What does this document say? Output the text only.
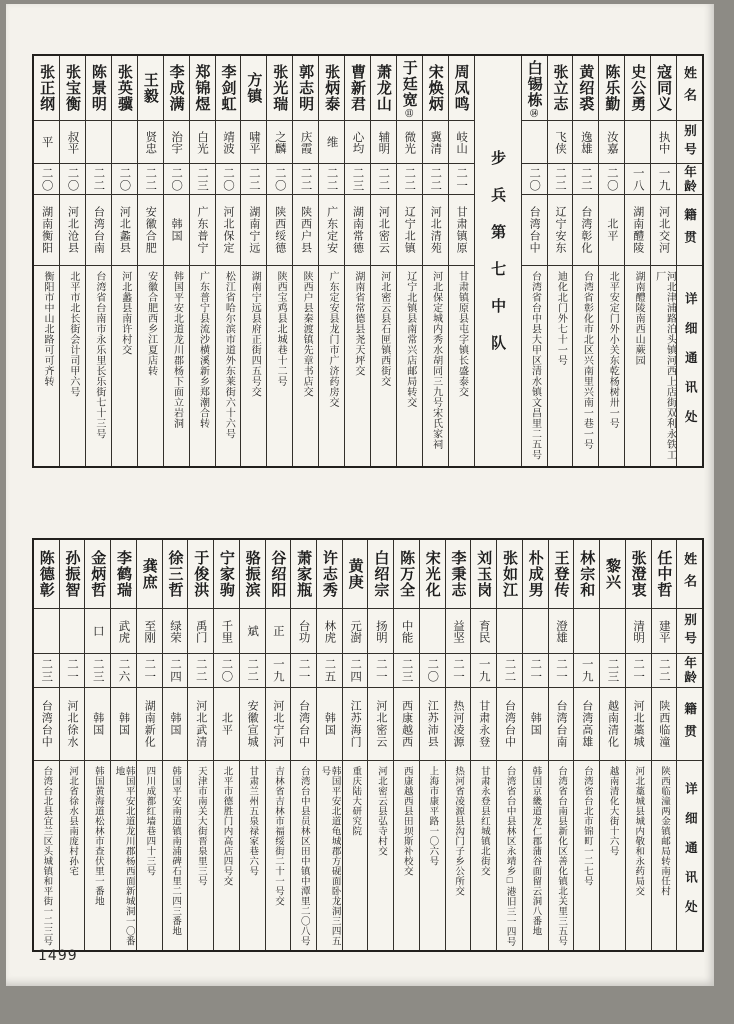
姓名
别号
年龄
籍贯
详细通讯处
寇同义
执中
一九
河北交河
河北津浦路泊头镇河西上店街双利永铁工厂
史公勇
一八
湖南醴陵
湖南醴陵南西山蕨园
陈乐勤
汝嘉
二〇
北平
北平安定门外小关东乾杨树卅一号
黄绍裘
逸雄
二二
台湾彰化
台湾省彰化市北区兴南里兴南一巷一号
张立志
飞侠
二二
辽宁安东
迪化北门外七十一号
白锡栋
⑭
二〇
台湾台中
台湾省台中县大甲区清水镇文昌里二五号
步兵第七中队
周凤鸣
岐山
二一
甘肃镇原
甘肃镇原县屯字镇长盛泰交
宋焕炳
冀清
二二
河北清苑
河北保定城内秀水胡同三九号宋氏家祠
于廷宽
⑪
微光
二二
辽宁北镇
辽宁北镇县南常兴店邮局转交
萧龙山
辅明
二二
河北密云
河北密云县石匣镇西街交
曹新君
心均
二三
湖南常德
湖南省常德县尧天坪交
张炳泰
维
二二
广东定安
广东定安县龙门市广济药房交
郭志明
庆霞
二二
陕西户县
陕西户县秦渡镇先章书店交
张光瑞
之麟
二〇
陕西绥德
陕西宝鸡县北城巷十二号
方镇
啸平
二二
湖南宁远
湖南宁远县府正街四五号交
李剑虹
靖波
二〇
河北保定
松江省哈尔滨市道外东莱街六十六号
郑锦煜
白光
二三
广东普宁
广东普宁县流沙横溪新乡郑潮合转
李成满
治宇
二〇
韩国
韩国平安北道龙川郡杨下面立岩洞
王毅
贤忠
二二
安徽合肥
安徽合肥西乡江夏店转
张英骥
二〇
河北蠡县
河北蠡县南许村交
陈景明
二二
台湾台南
台湾省台南市永乐里长乐街七十三号
张宝衡
叔平
二〇
河北沧县
北平市北长街会计司甲六号
张正纲
平
二〇
湖南衡阳
衡阳市中山北路可可齐转
姓名
别号
年龄
籍贯
详细通讯处
任中哲
建平
二二
陕西临潼
陕西临潼两金镇邮局转南任村
张澄衷
清明
二一
河北藁城
河北藁城县城内敬和永药局交
黎兴
二三
越南清化
越南清化大街十六号
林宗和
一九
台湾高雄
台湾省台北市锦町一二七号
王登传
澄雄
二一
台湾台南
台湾省台南县新化区善化镇北关里三五号
朴成男
二一
韩国
韩国京畿道龙仁郡蒲谷面留云洞八番地
张如江
二二
台湾台中
台湾省台中县林区永靖乡□港旧三一四号
刘玉岗
育民
一九
甘肃永登
甘肃永登县红城镇北街交
李秉志
益坚
二一
热河凌源
热河省凌源县沟门子乡公所交
宋光化
二〇
江苏沛县
上海市康平路一〇六号
陈万全
中能
二三
西康越西
西康越西县田坝斯补校交
白绍宗
扬明
二一
河北密云
河北密云县弘寺村交
黄庚
元澍
二四
江苏海门
重庆陆大研究院
许志秀
林虎
二五
韩国
韩国平安北道龟城郡方砚面卧龙洞三四五号
萧家瓶
台功
二一
台湾台中
台湾台中县员林区田中镇中潭里二〇八号
谷绍阳
正
一九
河北宁河
吉林省吉林市福绥街二十一号交
骆振滨
斌
二二
安徽宣城
甘肃兰州五泉禄家巷六号
宁家驹
千里
二〇
北平
北平市德胜门内高店四号交
于俊洪
禹门
二二
河北武清
天津市南关大街晋泉里三号
徐三哲
绿荣
二四
韩国
韩国平安南道镇南浦碑石里二四三番地
龚庶
至刚
二一
湖南新化
四川成都红墙巷四十三号
李鹤瑞
武虎
二六
韩国
韩国平安北道龙川郡杨西面新城洞一〇番地
金炳哲
口
二三
韩国
韩国黄海道松林市查伏里一番地
孙振智
二一
河北徐水
河北省徐水县南庞村孙宅
陈德彰
二三
台湾台中
台湾台北县宜兰区头城镇和平街一二三号
1499
